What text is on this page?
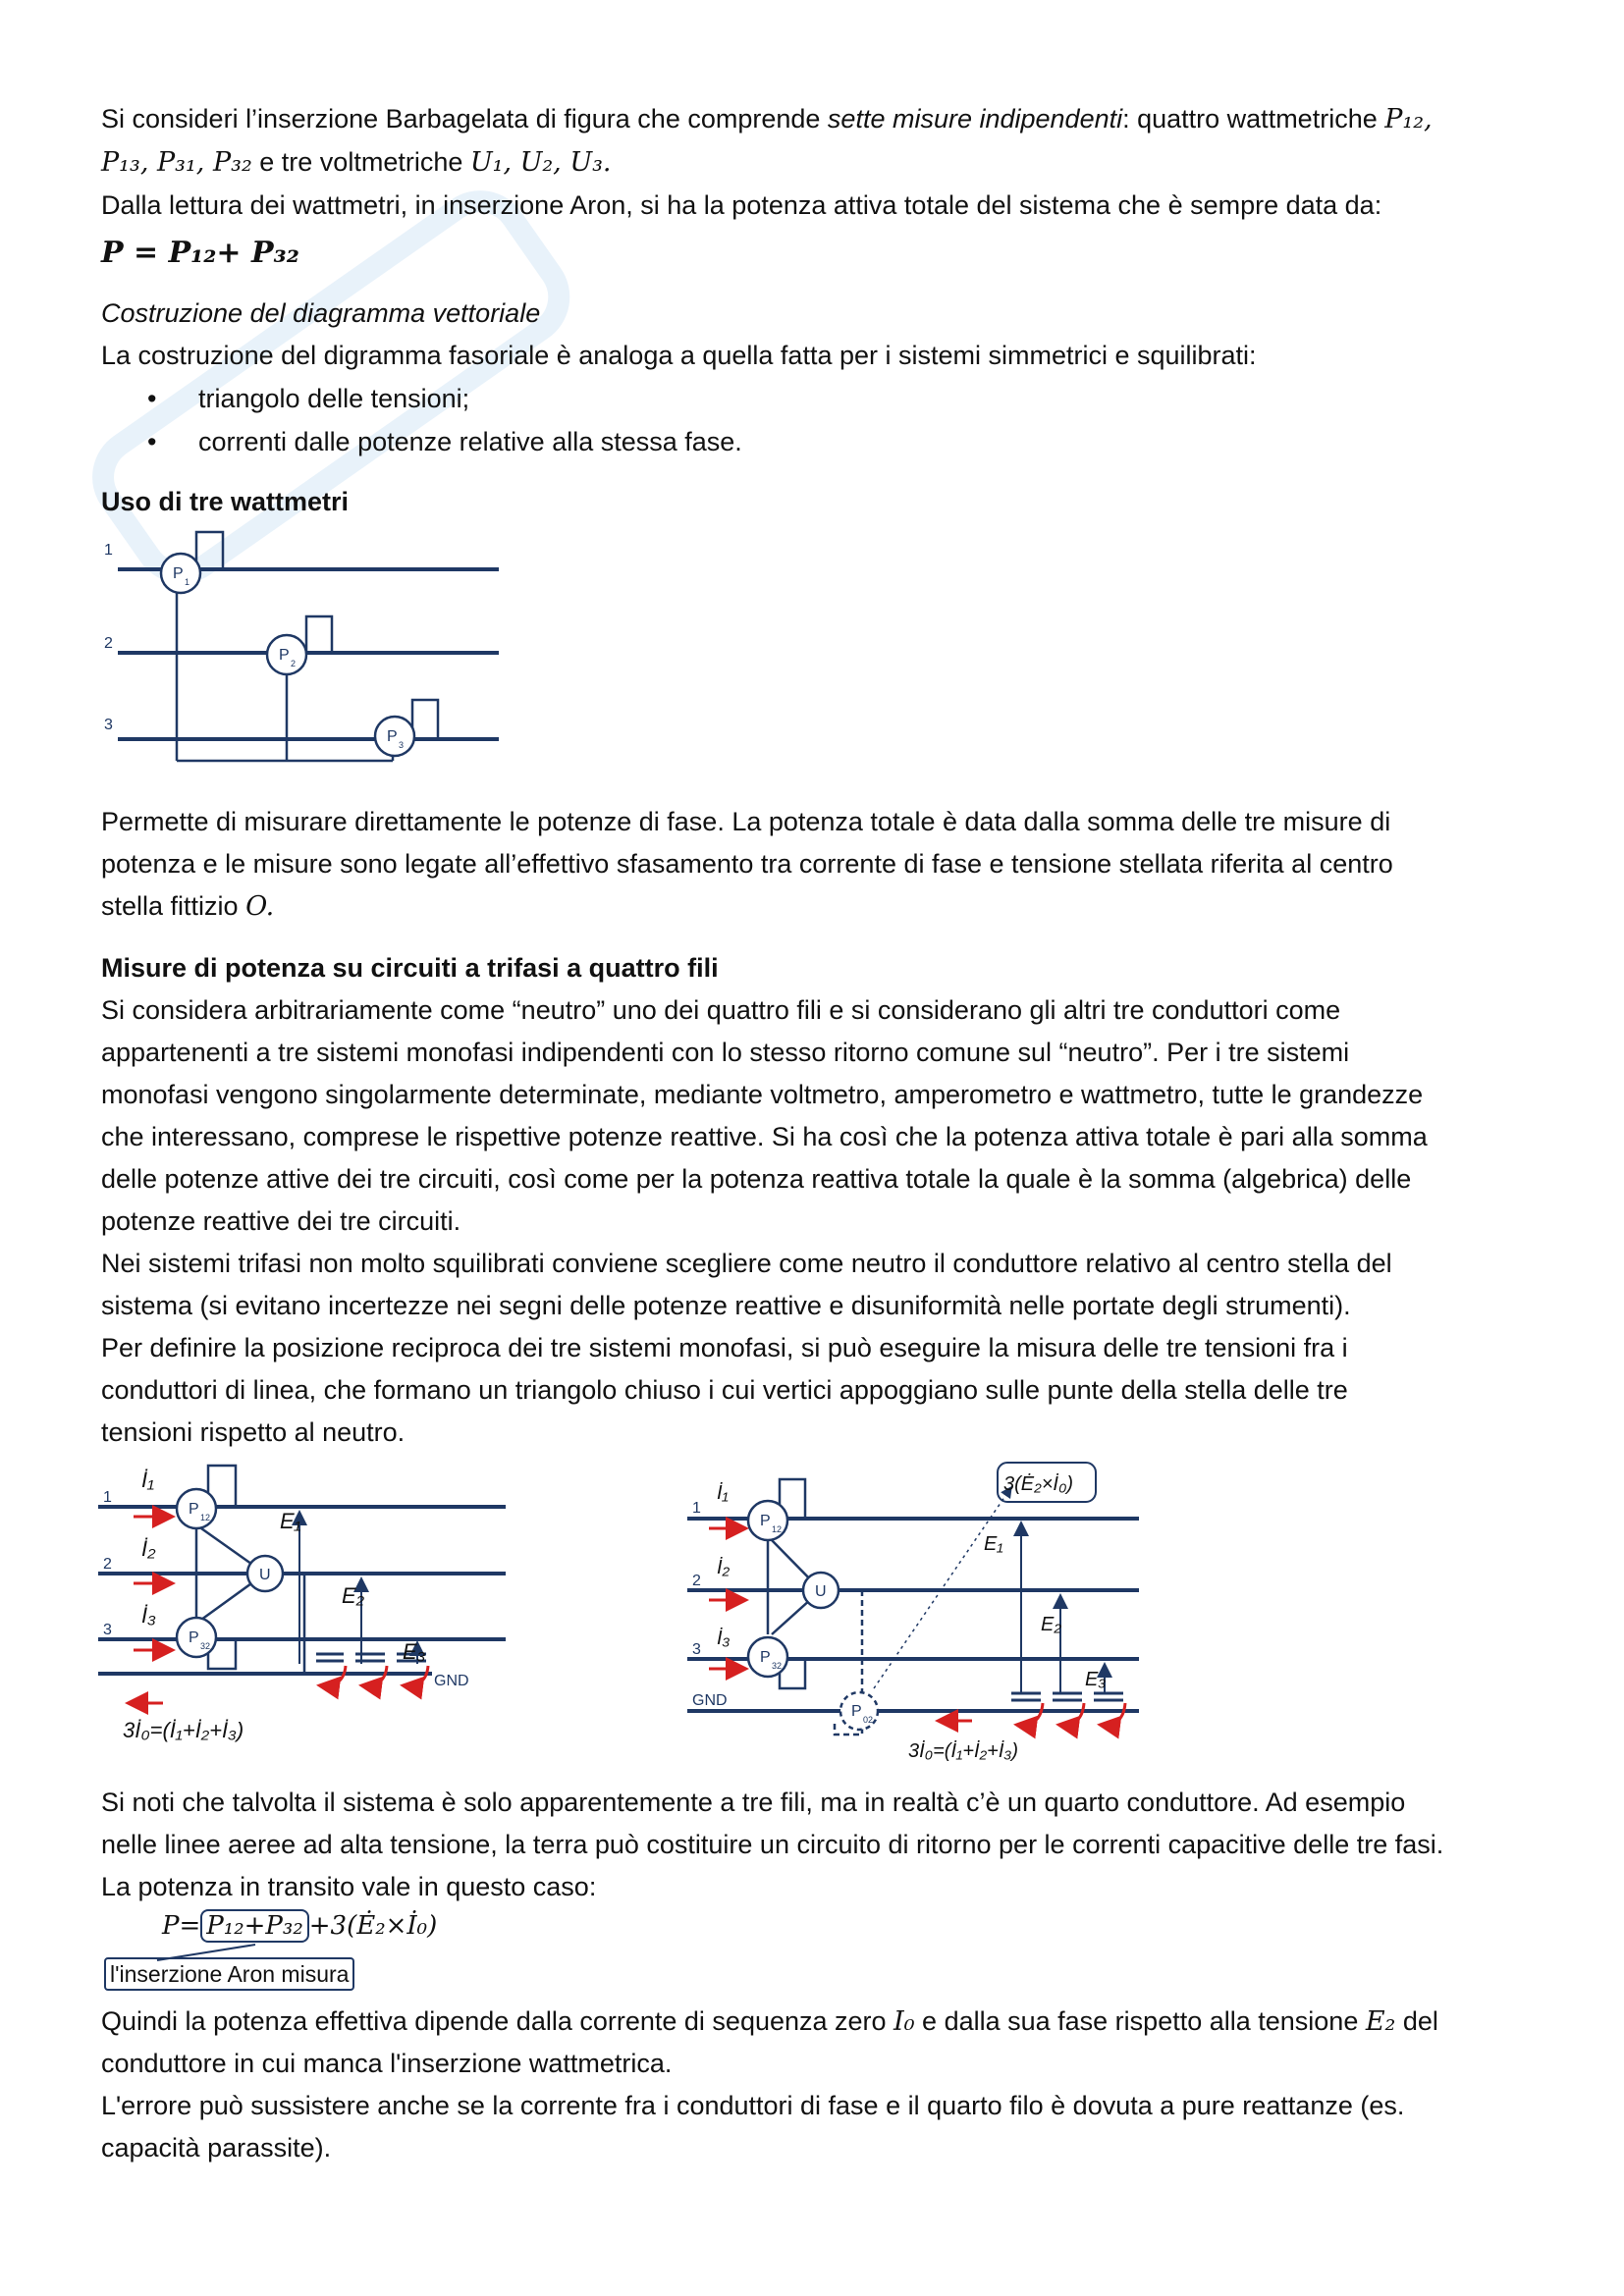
Si consideri l’inserzione Barbagelata di figura che comprende sette misure indipendenti: quattro wattmetriche P₁₂,
P₁₃, P₃₁, P₃₂ e tre voltmetriche U₁, U₂, U₃.
Dalla lettura dei wattmetri, in inserzione Aron, si ha la potenza attiva totale del sistema che è sempre data da:
P = P₁₂+ P₃₂
Costruzione del diagramma vettoriale
La costruzione del digramma fasoriale è analoga a quella fatta per i sistemi simmetrici e squilibrati:
• triangolo delle tensioni;
• correnti dalle potenze relative alla stessa fase.
Uso di tre wattmetri
1
2
3
P 1
P 2
P 3
Permette di misurare direttamente le potenze di fase. La potenza totale è data dalla somma delle tre misure di
potenza e le misure sono legate all’effettivo sfasamento tra corrente di fase e tensione stellata riferita al centro
stella fittizio O.
Misure di potenza su circuiti a trifasi a quattro fili
Si considera arbitrariamente come “neutro” uno dei quattro fili e si considerano gli altri tre conduttori come
appartenenti a tre sistemi monofasi indipendenti con lo stesso ritorno comune sul “neutro”. Per i tre sistemi
monofasi vengono singolarmente determinate, mediante voltmetro, amperometro e wattmetro, tutte le grandezze
che interessano, comprese le rispettive potenze reattive. Si ha così che la potenza attiva totale è pari alla somma
delle potenze attive dei tre circuiti, così come per la potenza reattiva totale la quale è la somma (algebrica) delle
potenze reattive dei tre circuiti.
Nei sistemi trifasi non molto squilibrati conviene scegliere come neutro il conduttore relativo al centro stella del
sistema (si evitano incertezze nei segni delle potenze reattive e disuniformità nelle portate degli strumenti).
Per definire la posizione reciproca dei tre sistemi monofasi, si può eseguire la misura delle tre tensioni fra i
conduttori di linea, che formano un triangolo chiuso i cui vertici appoggiano sulle punte della stella delle tre
tensioni rispetto al neutro.
1
2
3
P 12
U
P 32
GND
İ₁
İ₂
İ₃
E₁
E₂
E₃
3İ₀=(İ₁+İ₂+İ₃)
1
2
3
P 12
U
P 32
P 02
GND
İ₁
İ₂
İ₃
E₁
E₂
E₃
3(Ė₂×İ₀)
3İ₀=(İ₁+İ₂+İ₃)
Si noti che talvolta il sistema è solo apparentemente a tre fili, ma in realtà c’è un quarto conduttore. Ad esempio
nelle linee aeree ad alta tensione, la terra può costituire un circuito di ritorno per le correnti capacitive delle tre fasi.
La potenza in transito vale in questo caso:
P= P₁₂+P₃₂ +3(Ė₂×İ₀)
l'inserzione Aron misura
Quindi la potenza effettiva dipende dalla corrente di sequenza zero I₀ e dalla sua fase rispetto alla tensione E₂ del
conduttore in cui manca l'inserzione wattmetrica.
L'errore può sussistere anche se la corrente fra i conduttori di fase e il quarto filo è dovuta a pure reattanze (es.
capacità parassite).
